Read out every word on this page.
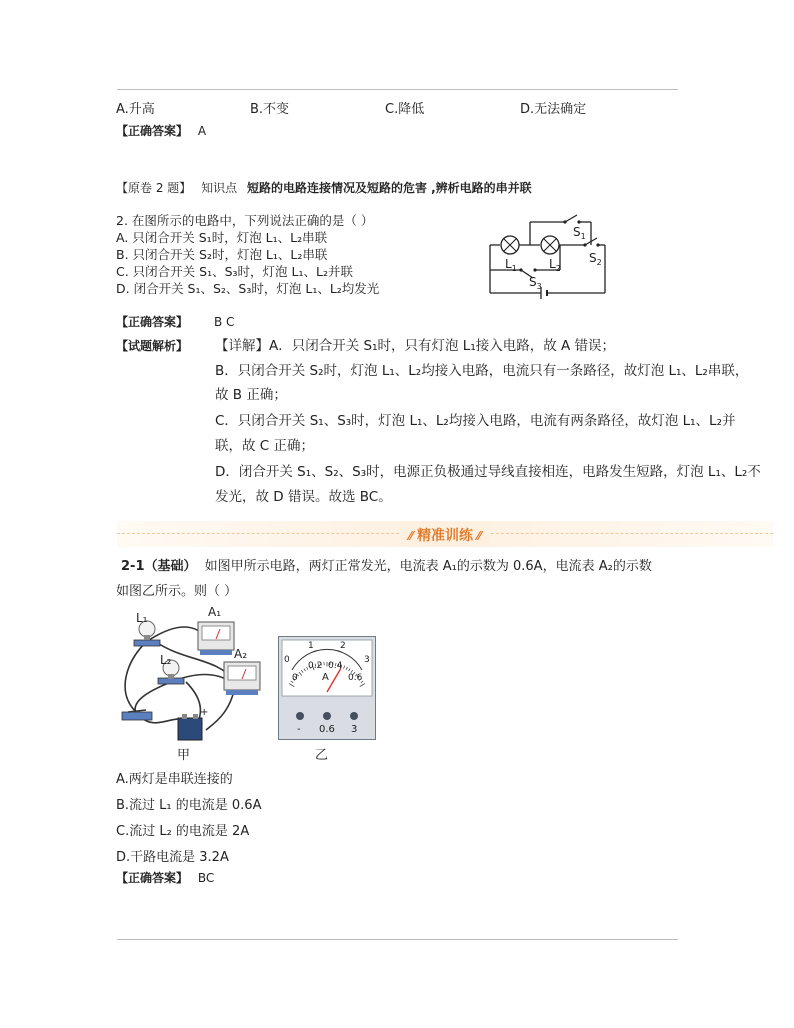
A.升高	B.不变	C.降低	D.无法确定
【正确答案】 A
【原卷 2 题】 知识点 短路的电路连接情况及短路的危害 ,辨析电路的串并联
2. 在图所示的电路中，下列说法正确的是（ ）
A. 只闭合开关 S₁时，灯泡 L₁、L₂串联
B. 只闭合开关 S₂时，灯泡 L₁、L₂串联
C. 只闭合开关 S₁、S₃时，灯泡 L₁、L₂并联
D. 闭合开关 S₁、S₂、S₃时，灯泡 L₁、L₂均发光
$S_1$
$S_2$
$S_3$
$L_1$	$L_2$
【正确答案】 B C
【试题解析】 【详解】A．只闭合开关 S₁时，只有灯泡 L₁接入电路，故 A 错误；
B．只闭合开关 S₂时，灯泡 L₁、L₂均接入电路，电流只有一条路径，故灯泡 L₁、L₂串联，
故 B 正确；
C．只闭合开关 S₁、S₃时，灯泡 L₁、L₂均接入电路，电流有两条路径，故灯泡 L₁、L₂并
联，故 C 正确；
D．闭合开关 S₁、S₂、S₃时，电源正负极通过导线直接相连，电路发生短路，灯泡 L₁、L₂不
发光，故 D 错误。故选 BC。
⁄⁄ 精准训练 ⁄⁄
2-1（基础） 如图甲所示电路，两灯正常发光，电流表 A₁的示数为 0.6A，电流表 A₂的示数
如图乙所示。则（ ）
+
L₁
L₂
A₁
A₂
甲
0
1	2
3
0
0.2 0.4
0.6
A
- 0.6 3
乙
A.两灯是串联连接的
B.流过 L₁ 的电流是 0.6A
C.流过 L₂ 的电流是 2A
D.干路电流是 3.2A
【正确答案】 BC
